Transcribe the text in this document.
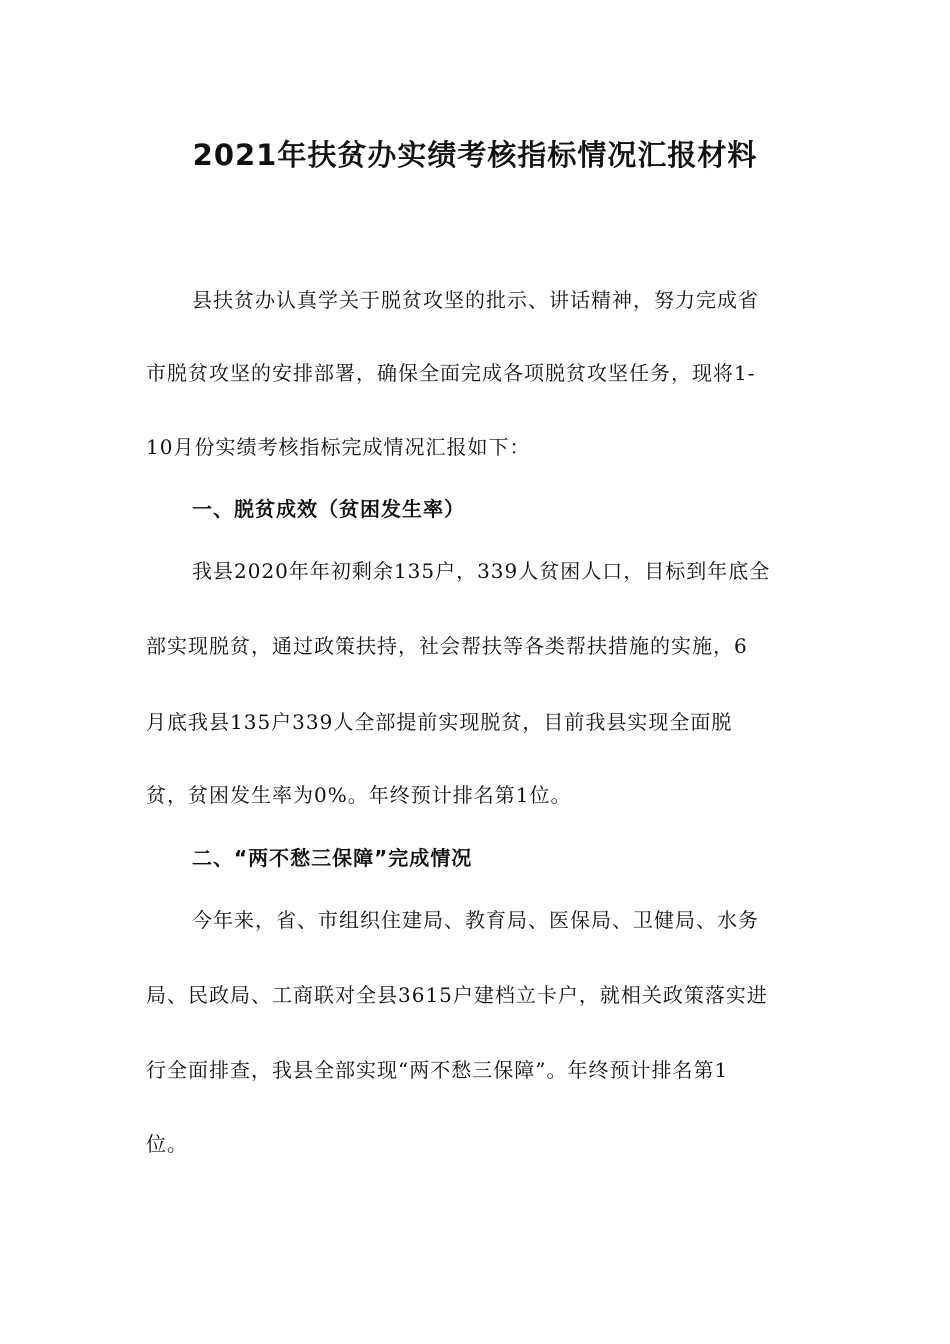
2021年扶贫办实绩考核指标情况汇报材料
县扶贫办认真学关于脱贫攻坚的批示、讲话精神，努力完成省
市脱贫攻坚的安排部署，确保全面完成各项脱贫攻坚任务，现将1-
10月份实绩考核指标完成情况汇报如下：
一、脱贫成效（贫困发生率）
我县2020年年初剩余135户，339人贫困人口，目标到年底全
部实现脱贫，通过政策扶持，社会帮扶等各类帮扶措施的实施，6
月底我县135户339人全部提前实现脱贫，目前我县实现全面脱
贫，贫困发生率为0%。年终预计排名第1位。
二、“两不愁三保障”完成情况
今年来，省、市组织住建局、教育局、医保局、卫健局、水务
局、民政局、工商联对全县3615户建档立卡户，就相关政策落实进
行全面排查，我县全部实现“两不愁三保障”。年终预计排名第1
位。
